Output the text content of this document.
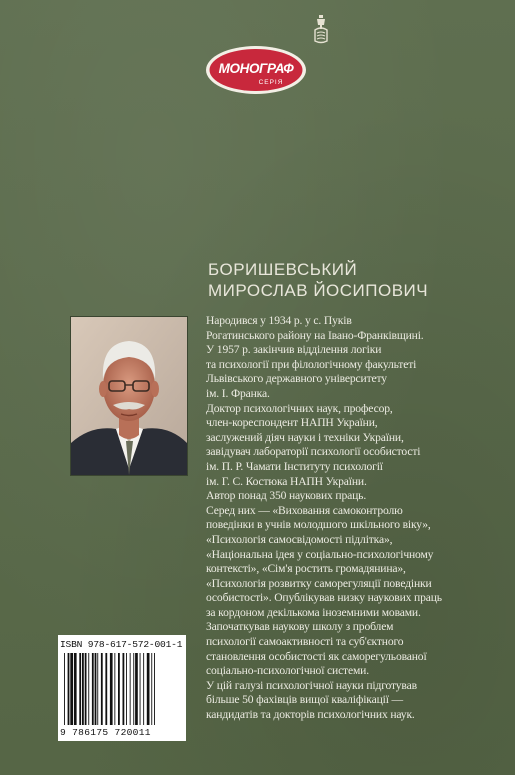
МОНОГРАФ
СЕРІЯ
БОРИШЕВСЬКИЙ
МИРОСЛАВ ЙОСИПОВИЧ
Народився у 1934 р. у с. Пуків
Рогатинського району на Івано-Франківщині.
У 1957 р. закінчив відділення логіки
та психології при філологічному факультеті
Львівського державного університету
ім. І. Франка.
Доктор психологічних наук, професор,
член-кореспондент НАПН України,
заслужений діяч науки і техніки України,
завідувач лабораторії психології особистості
ім. П. Р. Чамати Інституту психології
ім. Г. С. Костюка НАПН України.
Автор понад 350 наукових праць.
Серед них — «Виховання самоконтролю
поведінки в учнів молодшого шкільного віку»,
«Психологія самосвідомості підлітка»,
«Національна ідея у соціально-психологічному
контексті», «Сім'я ростить громадянина»,
«Психологія розвитку саморегуляції поведінки
особистості». Опублікував низку наукових праць
за кордоном декількома іноземними мовами.
Започаткував наукову школу з проблем
психології самоактивності та суб'єктного
становлення особистості як саморегульованої
соціально-психологічної системи.
У цій галузі психологічної науки підготував
більше 50 фахівців вищої кваліфікації —
кандидатів та докторів психологічних наук.
ISBN 978-617-572-001-1
9 786175 720011
